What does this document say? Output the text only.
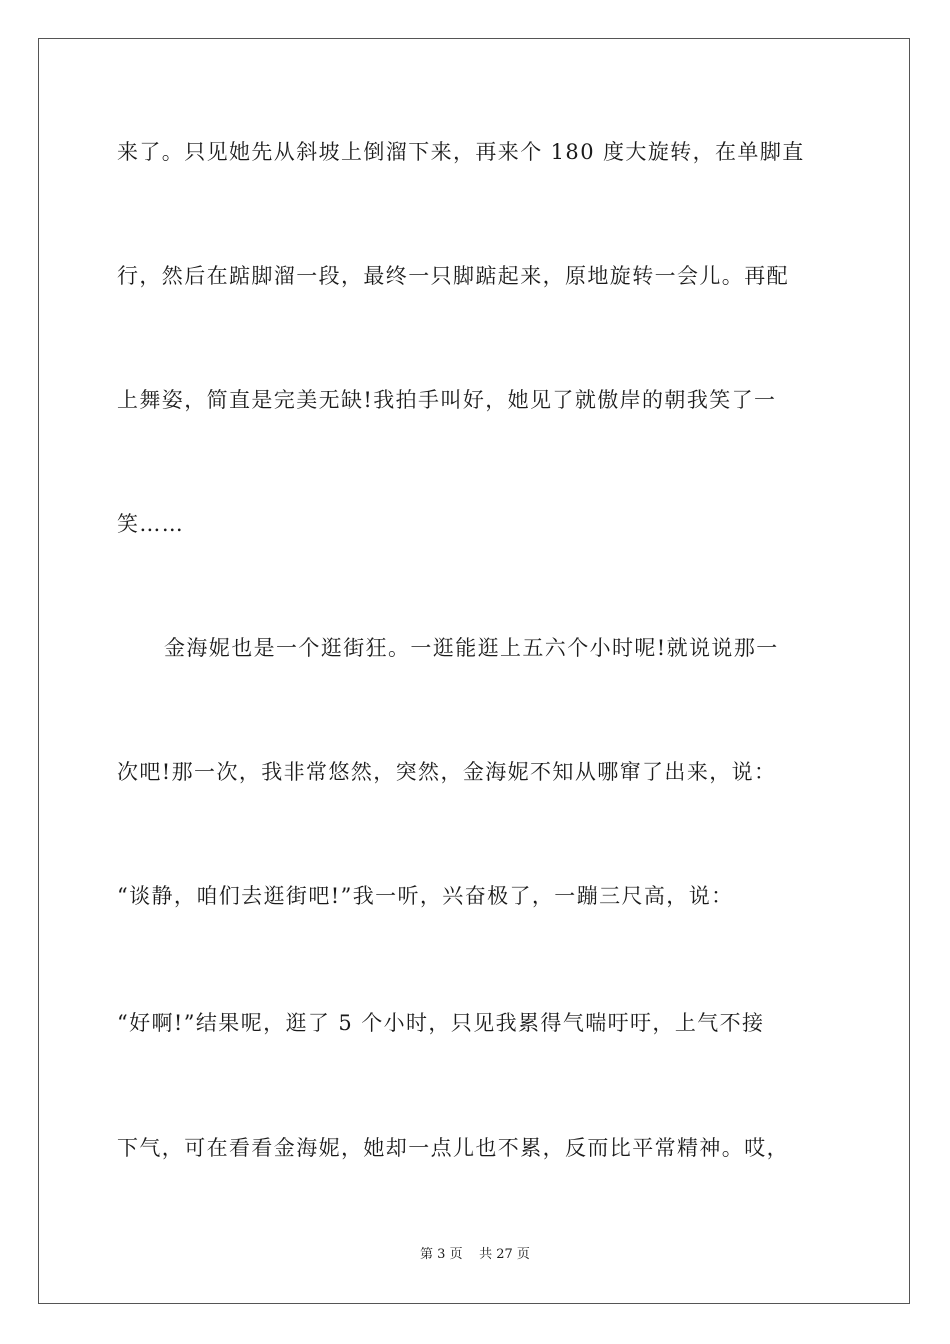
来了。只见她先从斜坡上倒溜下来，再来个 180 度大旋转，在单脚直
行，然后在踮脚溜一段，最终一只脚踮起来，原地旋转一会儿。再配
上舞姿，简直是完美无缺!我拍手叫好，她见了就傲岸的朝我笑了一
笑……
金海妮也是一个逛街狂。一逛能逛上五六个小时呢!就说说那一
次吧!那一次，我非常悠然，突然，金海妮不知从哪窜了出来，说：
“谈静，咱们去逛街吧!”我一听，兴奋极了，一蹦三尺高，说：
“好啊!”结果呢，逛了 5 个小时，只见我累得气喘吁吁，上气不接
下气，可在看看金海妮，她却一点儿也不累，反而比平常精神。哎，
第 3 页 共 27 页
